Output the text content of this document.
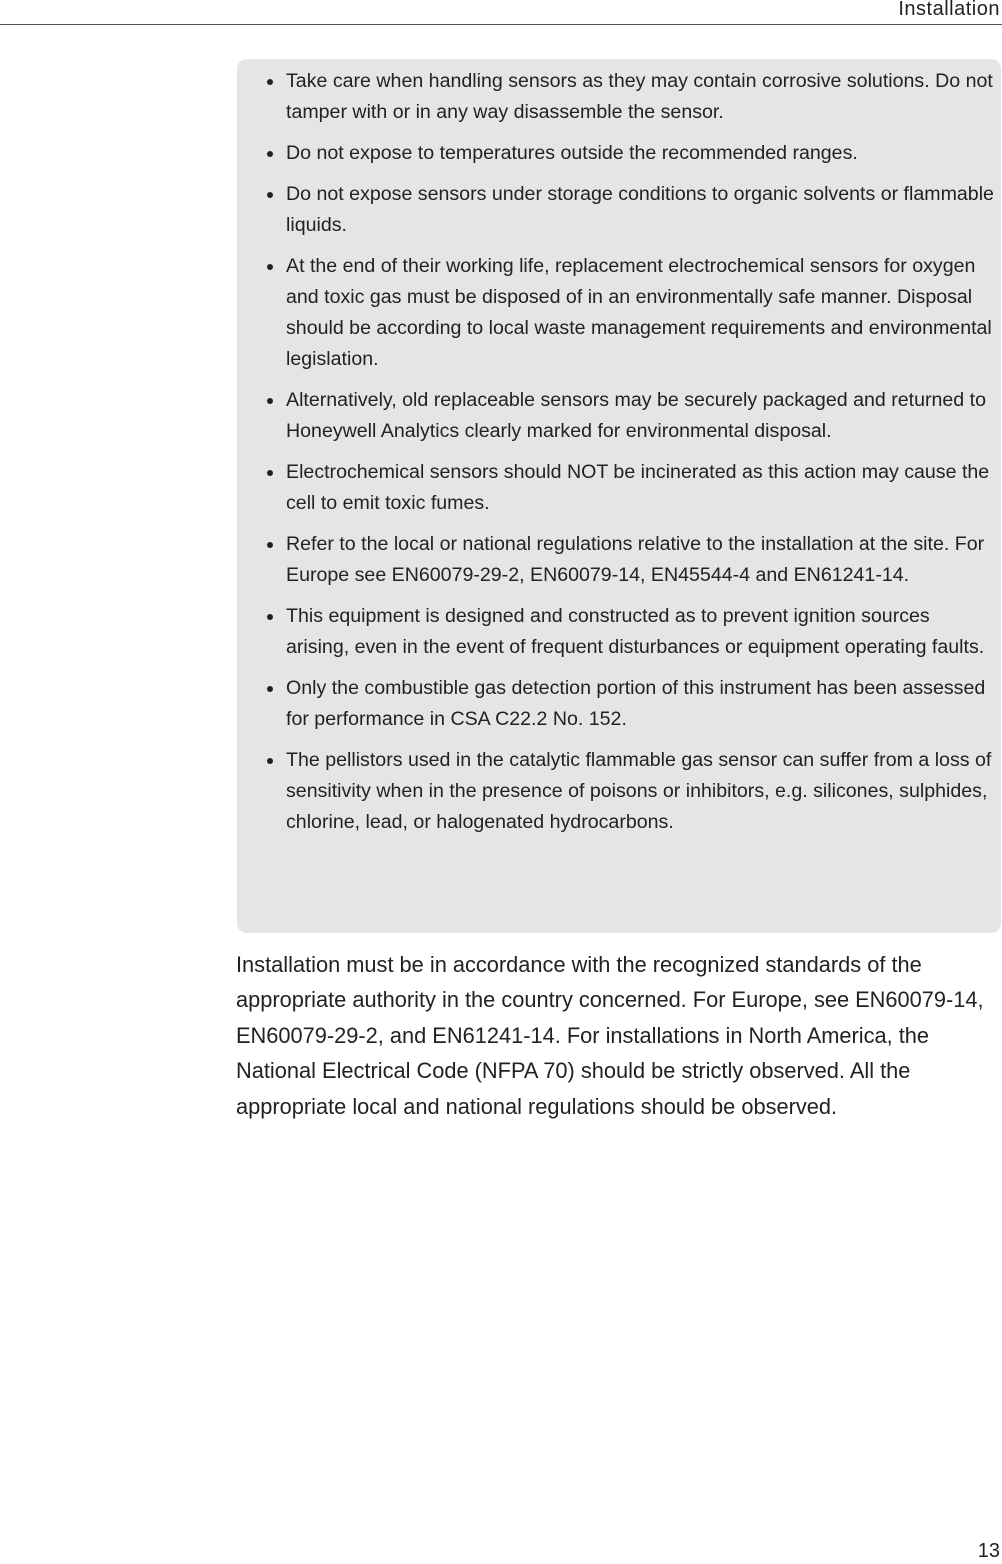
Installation
Take care when handling sensors as they may contain corrosive solutions. Do not tamper with or in any way disassemble the sensor.
Do not expose to temperatures outside the recommended ranges.
Do not expose sensors under storage conditions to organic solvents or flammable liquids.
At the end of their working life, replacement electrochemical sensors for oxygen and toxic gas must be disposed of in an environmentally safe manner. Disposal should be according to local waste management requirements and environmental legislation.
Alternatively, old replaceable sensors may be securely packaged and returned to Honeywell Analytics clearly marked for environmental disposal.
Electrochemical sensors should NOT be incinerated as this action may cause the cell to emit toxic fumes.
Refer to the local or national regulations relative to the installation at the site. For Europe see EN60079-29-2, EN60079-14, EN45544-4 and EN61241-14.
This equipment is designed and constructed as to prevent ignition sources arising, even in the event of frequent disturbances or equipment operating faults.
Only the combustible gas detection portion of this instrument has been assessed for performance in CSA C22.2 No. 152.
The pellistors used in the catalytic flammable gas sensor can suffer from a loss of sensitivity when in the presence of poisons or inhibitors, e.g. silicones, sulphides, chlorine, lead, or halogenated hydrocarbons.

Installation must be in accordance with the recognized standards of the appropriate authority in the country concerned. For Europe, see EN60079-14, EN60079-29-2, and EN61241-14. For installations in North America, the National Electrical Code (NFPA 70) should be strictly observed. All the appropriate local and national regulations should be observed.

13
